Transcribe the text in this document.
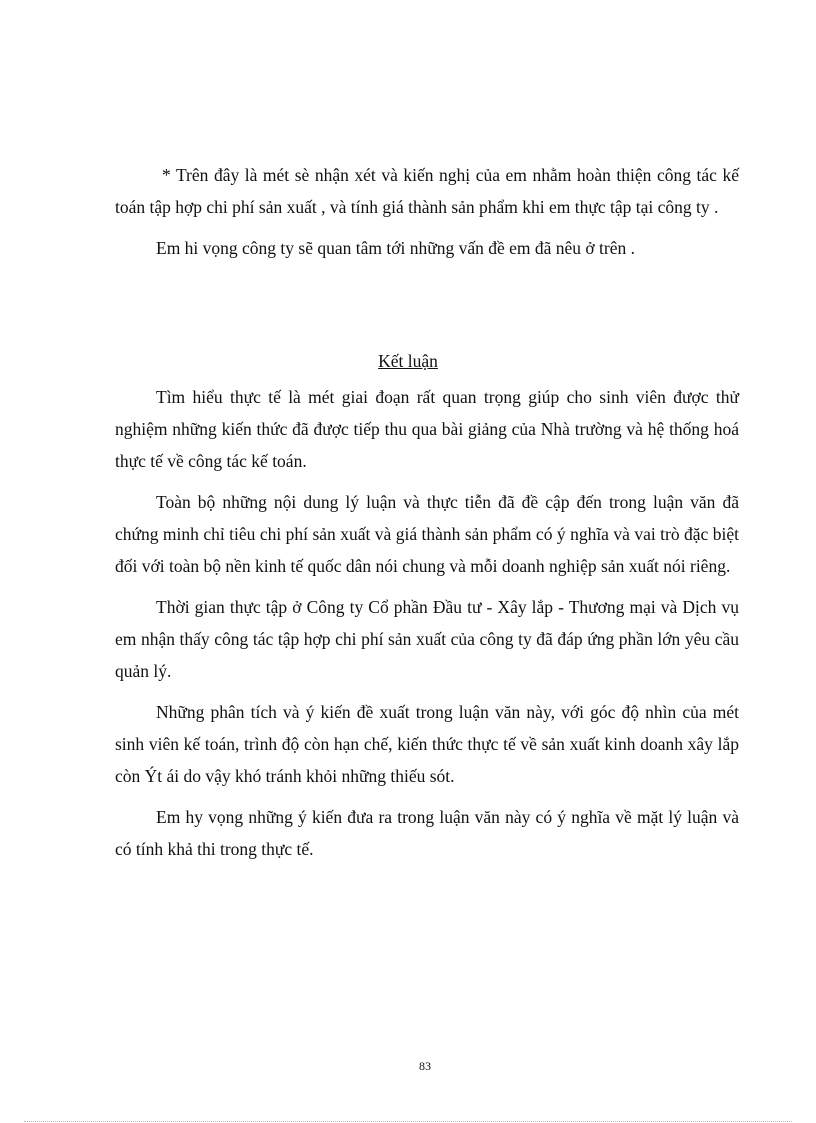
* Trên đây là mét sè nhận xét và kiến nghị của em nhằm hoàn thiện công tác kế toán tập hợp chi phí sản xuất , và tính giá thành sản phẩm khi em thực tập tại công ty .

Em hi vọng công ty sẽ quan tâm tới những vấn đề em đã nêu ở trên .

Kết luận

Tìm hiểu thực tế là mét giai đoạn rất quan trọng giúp cho sinh viên được thử nghiệm những kiến thức đã được tiếp thu qua bài giảng của Nhà trường và hệ thống hoá thực tế về công tác kế toán.

Toàn bộ những nội dung lý luận và thực tiễn đã đề cập đến trong luận văn đã chứng minh chỉ tiêu chi phí sản xuất và giá thành sản phẩm có ý nghĩa và vai trò đặc biệt đối với toàn bộ nền kinh tế quốc dân nói chung và mỗi doanh nghiệp sản xuất nói riêng.

Thời gian thực tập ở Công ty Cổ phần Đầu tư - Xây lắp - Thương mại và Dịch vụ em nhận thấy công tác tập hợp chi phí sản xuất của công ty đã đáp ứng phần lớn yêu cầu quản lý.

Những phân tích và ý kiến đề xuất trong luận văn này, với góc độ nhìn của mét sinh viên kế toán, trình độ còn hạn chế, kiến thức thực tế về sản xuất kinh doanh xây lắp còn Ýt ái do vậy khó tránh khỏi những thiếu sót.

Em hy vọng những ý kiến đưa ra trong luận văn này có ý nghĩa về mặt lý luận và có tính khả thi trong thực tế.

83
